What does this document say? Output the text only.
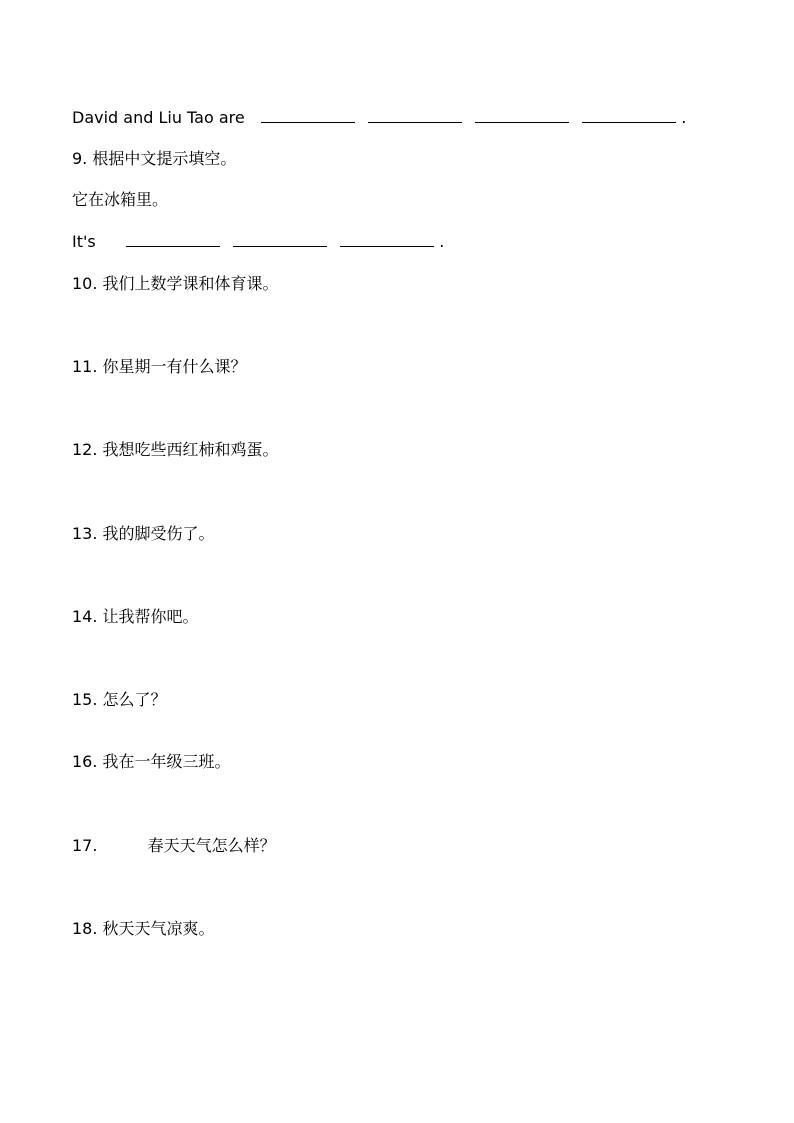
David and Liu Tao are	.
9. 根据中文提示填空。
它在冰箱里。
It's	.
10. 我们上数学课和体育课。
11. 你星期一有什么课？
12. 我想吃些西红柿和鸡蛋。
13. 我的脚受伤了。
14. 让我帮你吧。
15. 怎么了？
16. 我在一年级三班。
17.	春天天气怎么样？
18. 秋天天气凉爽。
